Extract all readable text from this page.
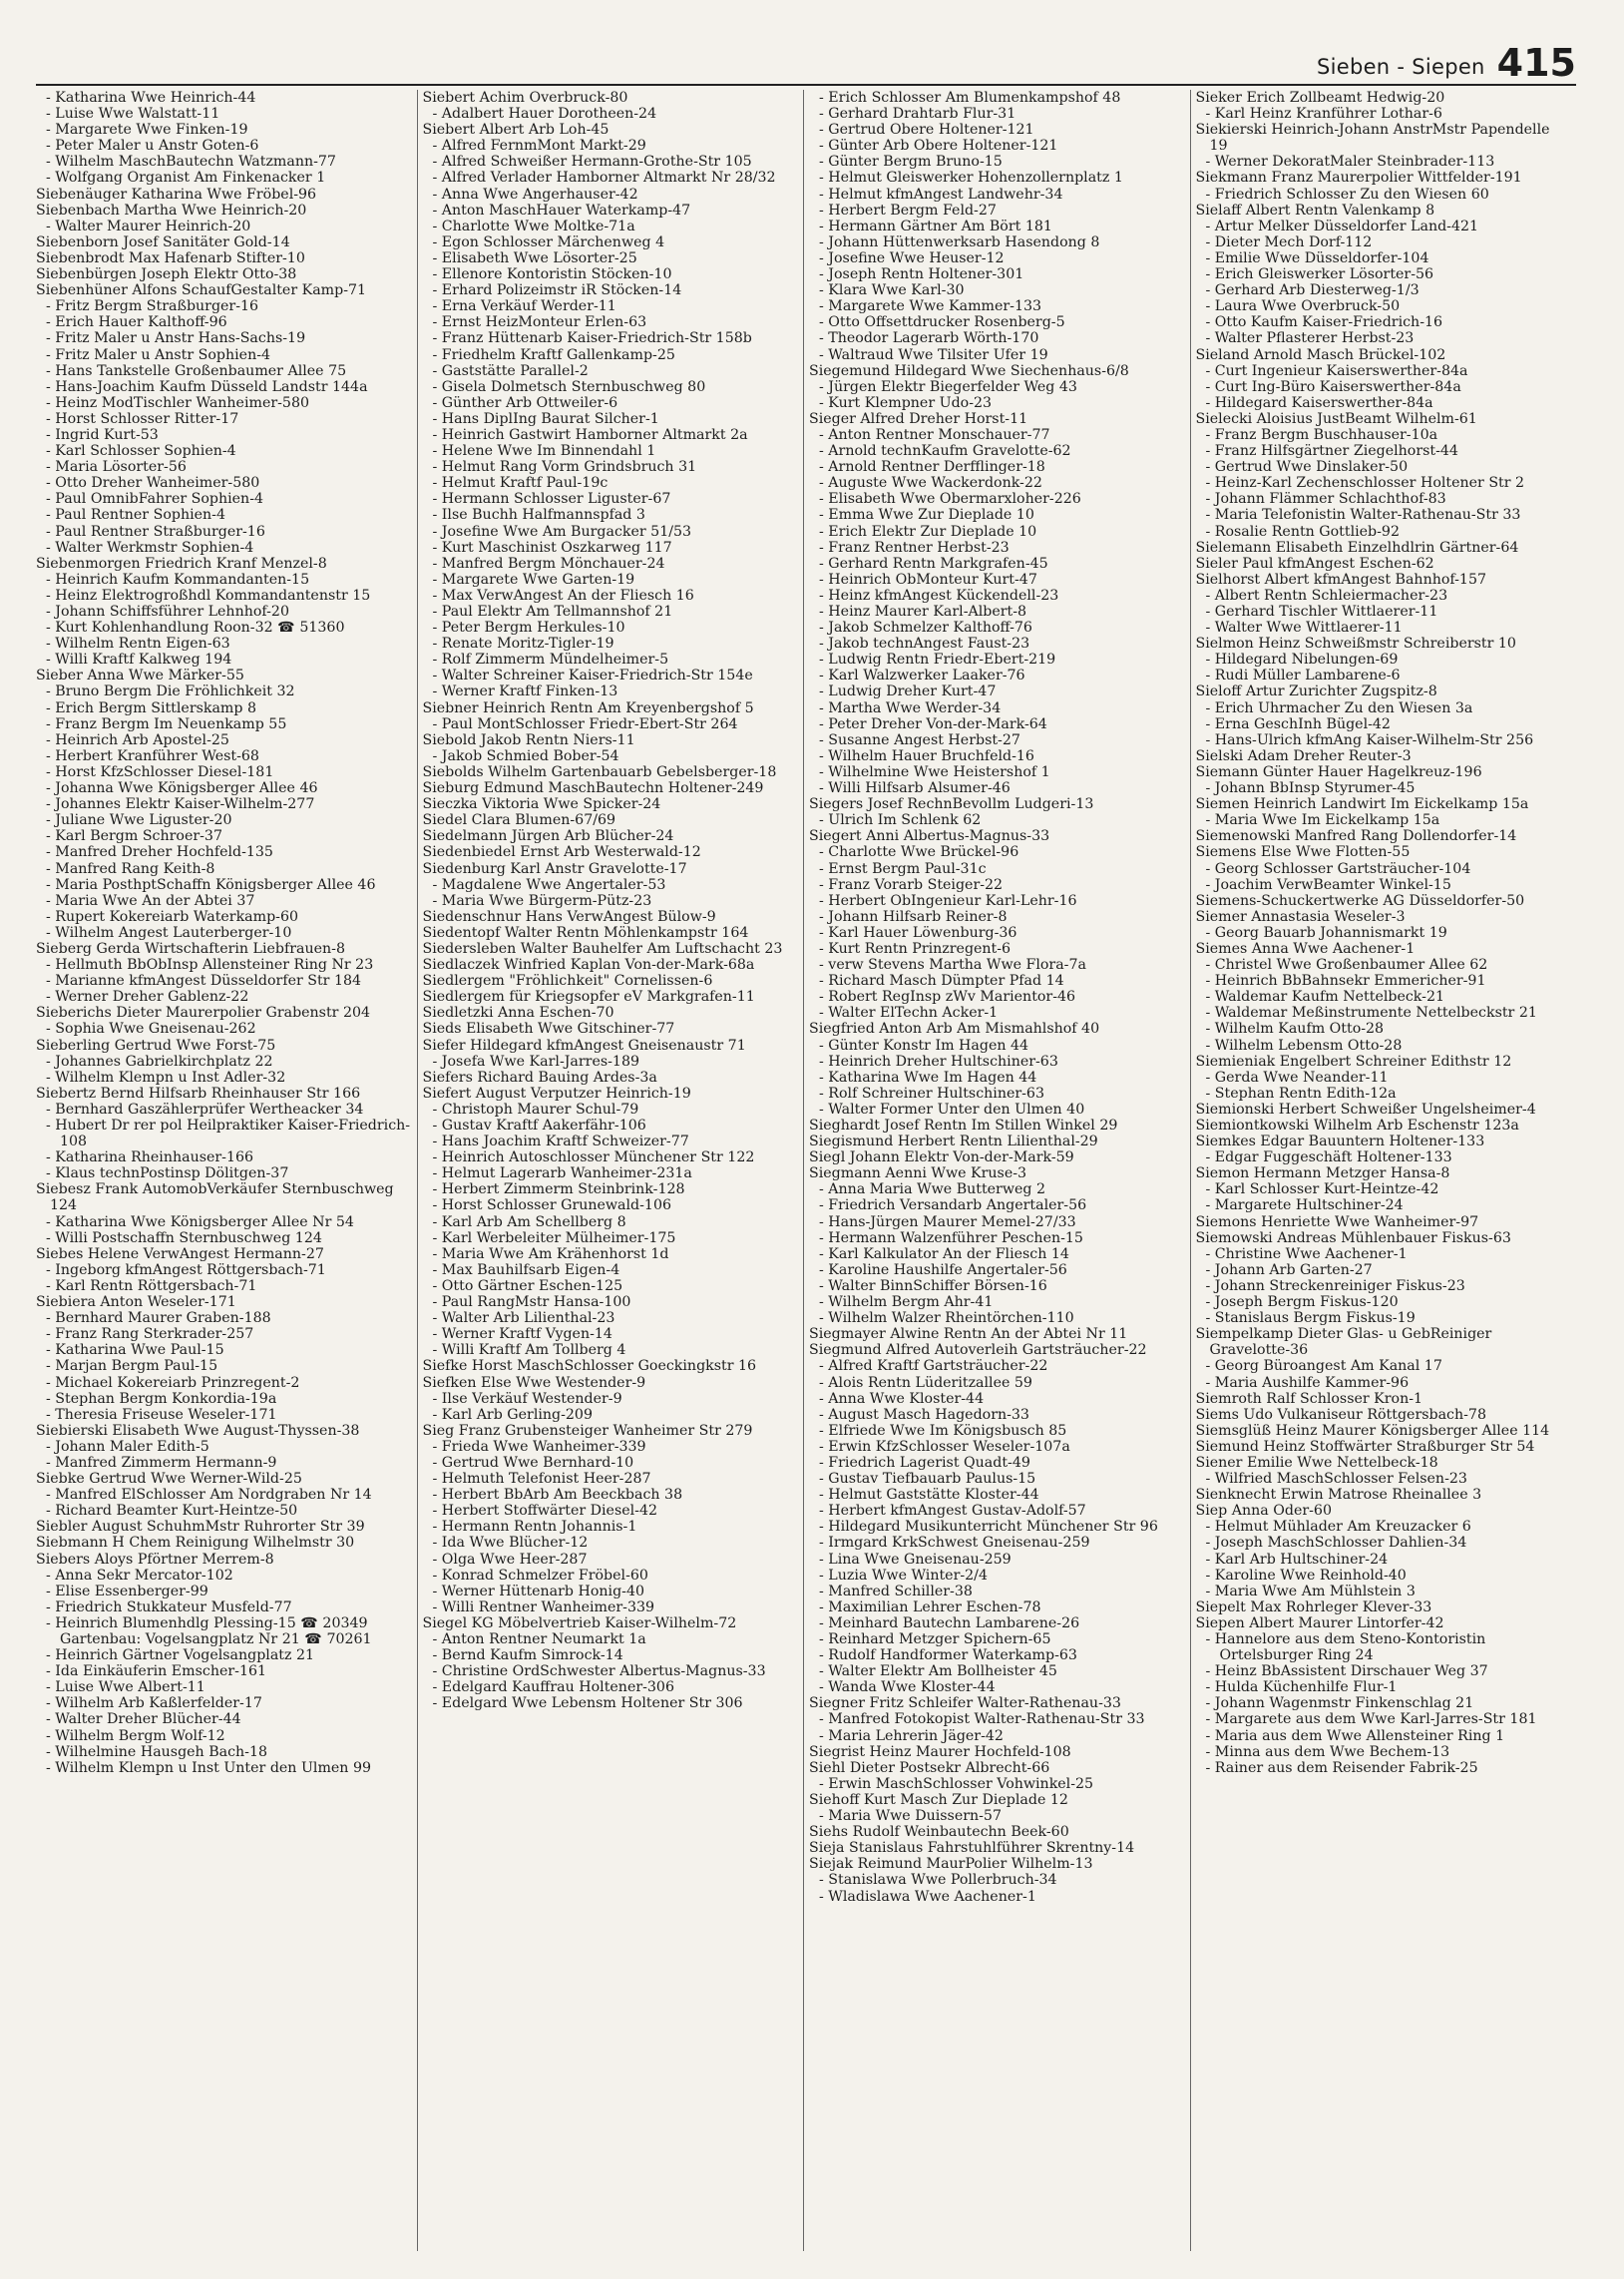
Sieben - Siepen 415

- Katharina Wwe Heinrich-44

- Luise Wwe Walstatt-11

- Margarete Wwe Finken-19

- Peter Maler u Anstr Goten-6

- Wilhelm MaschBautechn Watzmann-77

- Wolfgang Organist Am Finkenacker 1

Siebenäuger Katharina Wwe Fröbel-96

Siebenbach Martha Wwe Heinrich-20

- Walter Maurer Heinrich-20

Siebenborn Josef Sanitäter Gold-14

Siebenbrodt Max Hafenarb Stifter-10

Siebenbürgen Joseph Elektr Otto-38

Siebenhüner Alfons SchaufGestalter Kamp-71

- Fritz Bergm Straßburger-16

- Erich Hauer Kalthoff-96

- Fritz Maler u Anstr Hans-Sachs-19

- Fritz Maler u Anstr Sophien-4

- Hans Tankstelle Großenbaumer Allee 75

- Hans-Joachim Kaufm Düsseld Landstr 144a

- Heinz ModTischler Wanheimer-580

- Horst Schlosser Ritter-17

- Ingrid Kurt-53

- Karl Schlosser Sophien-4

- Maria Lösorter-56

- Otto Dreher Wanheimer-580

- Paul OmnibFahrer Sophien-4

- Paul Rentner Sophien-4

- Paul Rentner Straßburger-16

- Walter Werkmstr Sophien-4

Siebenmorgen Friedrich Kranf Menzel-8

- Heinrich Kaufm Kommandanten-15

- Heinz Elektrogroßhdl Kommandantenstr 15

- Johann Schiffsführer Lehnhof-20

- Kurt Kohlenhandlung Roon-32 ☎ 51360

- Wilhelm Rentn Eigen-63

- Willi Kraftf Kalkweg 194

Sieber Anna Wwe Märker-55

- Bruno Bergm Die Fröhlichkeit 32

- Erich Bergm Sittlerskamp 8

- Franz Bergm Im Neuenkamp 55

- Heinrich Arb Apostel-25

- Herbert Kranführer West-68

- Horst KfzSchlosser Diesel-181

- Johanna Wwe Königsberger Allee 46

- Johannes Elektr Kaiser-Wilhelm-277

- Juliane Wwe Liguster-20

- Karl Bergm Schroer-37

- Manfred Dreher Hochfeld-135

- Manfred Rang Keith-8

- Maria PosthptSchaffn Königsberger Allee 46

- Maria Wwe An der Abtei 37

- Rupert Kokereiarb Waterkamp-60

- Wilhelm Angest Lauterberger-10

Sieberg Gerda Wirtschafterin Liebfrauen-8

- Hellmuth BbObInsp Allensteiner Ring Nr 23

- Marianne kfmAngest Düsseldorfer Str 184

- Werner Dreher Gablenz-22

Sieberichs Dieter Maurerpolier Grabenstr 204

- Sophia Wwe Gneisenau-262

Sieberling Gertrud Wwe Forst-75

- Johannes Gabrielkirchplatz 22

- Wilhelm Klempn u Inst Adler-32

Siebertz Bernd Hilfsarb Rheinhauser Str 166

- Bernhard Gaszählerprüfer Wertheacker 34

- Hubert Dr rer pol Heilpraktiker Kaiser-Friedrich-108

- Katharina Rheinhauser-166

- Klaus technPostinsp Dölitgen-37

Siebesz Frank AutomobVerkäufer Sternbuschweg 124

- Katharina Wwe Königsberger Allee Nr 54

- Willi Postschaffn Sternbuschweg 124

Siebes Helene VerwAngest Hermann-27

- Ingeborg kfmAngest Röttgersbach-71

- Karl Rentn Röttgersbach-71

Siebiera Anton Weseler-171

- Bernhard Maurer Graben-188

- Franz Rang Sterkrader-257

- Katharina Wwe Paul-15

- Marjan Bergm Paul-15

- Michael Kokereiarb Prinzregent-2

- Stephan Bergm Konkordia-19a

- Theresia Friseuse Weseler-171

Siebierski Elisabeth Wwe August-Thyssen-38

- Johann Maler Edith-5

- Manfred Zimmerm Hermann-9

Siebke Gertrud Wwe Werner-Wild-25

- Manfred ElSchlosser Am Nordgraben Nr 14

- Richard Beamter Kurt-Heintze-50

Siebler August SchuhmMstr Ruhrorter Str 39

Siebmann H Chem Reinigung Wilhelmstr 30

Siebers Aloys Pförtner Merrem-8

- Anna Sekr Mercator-102

- Elise Essenberger-99

- Friedrich Stukkateur Musfeld-77

- Heinrich Blumenhdlg Plessing-15 ☎ 20349 Gartenbau: Vogelsangplatz Nr 21 ☎ 70261

- Heinrich Gärtner Vogelsangplatz 21

- Ida Einkäuferin Emscher-161

- Luise Wwe Albert-11

- Wilhelm Arb Kaßlerfelder-17

- Walter Dreher Blücher-44

- Wilhelm Bergm Wolf-12

- Wilhelmine Hausgeh Bach-18

- Wilhelm Klempn u Inst Unter den Ulmen 99

Siebert Achim Overbruck-80

- Adalbert Hauer Dorotheen-24

Siebert Albert Arb Loh-45

- Alfred FernmMont Markt-29

- Alfred Schweißer Hermann-Grothe-Str 105

- Alfred Verlader Hamborner Altmarkt Nr 28/32

- Anna Wwe Angerhauser-42

- Anton MaschHauer Waterkamp-47

- Charlotte Wwe Moltke-71a

- Egon Schlosser Märchenweg 4

- Elisabeth Wwe Lösorter-25

- Ellenore Kontoristin Stöcken-10

- Erhard Polizeimstr iR Stöcken-14

- Erna Verkäuf Werder-11

- Ernst HeizMonteur Erlen-63

- Franz Hüttenarb Kaiser-Friedrich-Str 158b

- Friedhelm Kraftf Gallenkamp-25

- Gaststätte Parallel-2

- Gisela Dolmetsch Sternbuschweg 80

- Günther Arb Ottweiler-6

- Hans DiplIng Baurat Silcher-1

- Heinrich Gastwirt Hamborner Altmarkt 2a

- Helene Wwe Im Binnendahl 1

- Helmut Rang Vorm Grindsbruch 31

- Helmut Kraftf Paul-19c

- Hermann Schlosser Liguster-67

- Ilse Buchh Halfmannspfad 3

- Josefine Wwe Am Burgacker 51/53

- Kurt Maschinist Oszkarweg 117

- Manfred Bergm Mönchauer-24

- Margarete Wwe Garten-19

- Max VerwAngest An der Fliesch 16

- Paul Elektr Am Tellmannshof 21

- Peter Bergm Herkules-10

- Renate Moritz-Tigler-19

- Rolf Zimmerm Mündelheimer-5

- Walter Schreiner Kaiser-Friedrich-Str 154e

- Werner Kraftf Finken-13

Siebner Heinrich Rentn Am Kreyenbergshof 5

- Paul MontSchlosser Friedr-Ebert-Str 264

Siebold Jakob Rentn Niers-11

- Jakob Schmied Bober-54

Siebolds Wilhelm Gartenbauarb Gebelsberger-18

Sieburg Edmund MaschBautechn Holtener-249

Sieczka Viktoria Wwe Spicker-24

Siedel Clara Blumen-67/69

Siedelmann Jürgen Arb Blücher-24

Siedenbiedel Ernst Arb Westerwald-12

Siedenburg Karl Anstr Gravelotte-17

- Magdalene Wwe Angertaler-53

- Maria Wwe Bürgerm-Pütz-23

Siedenschnur Hans VerwAngest Bülow-9

Siedentopf Walter Rentn Möhlenkampstr 164

Siedersleben Walter Bauhelfer Am Luftschacht 23

Siedlaczek Winfried Kaplan Von-der-Mark-68a

Siedlergem "Fröhlichkeit" Cornelissen-6

Siedlergem für Kriegsopfer eV Markgrafen-11

Siedletzki Anna Eschen-70

Sieds Elisabeth Wwe Gitschiner-77

Siefer Hildegard kfmAngest Gneisenaustr 71

- Josefa Wwe Karl-Jarres-189

Siefers Richard Bauing Ardes-3a

Siefert August Verputzer Heinrich-19

- Christoph Maurer Schul-79

- Gustav Kraftf Aakerfähr-106

- Hans Joachim Kraftf Schweizer-77

- Heinrich Autoschlosser Münchener Str 122

- Helmut Lagerarb Wanheimer-231a

- Herbert Zimmerm Steinbrink-128

- Horst Schlosser Grunewald-106

- Karl Arb Am Schellberg 8

- Karl Werbeleiter Mülheimer-175

- Maria Wwe Am Krähenhorst 1d

- Max Bauhilfsarb Eigen-4

- Otto Gärtner Eschen-125

- Paul RangMstr Hansa-100

- Walter Arb Lilienthal-23

- Werner Kraftf Vygen-14

- Willi Kraftf Am Tollberg 4

Siefke Horst MaschSchlosser Goeckingkstr 16

Siefken Else Wwe Westender-9

- Ilse Verkäuf Westender-9

- Karl Arb Gerling-209

Sieg Franz Grubensteiger Wanheimer Str 279

- Frieda Wwe Wanheimer-339

- Gertrud Wwe Bernhard-10

- Helmuth Telefonist Heer-287

- Herbert BbArb Am Beeckbach 38

- Herbert Stoffwärter Diesel-42

- Hermann Rentn Johannis-1

- Ida Wwe Blücher-12

- Olga Wwe Heer-287

- Konrad Schmelzer Fröbel-60

- Werner Hüttenarb Honig-40

- Willi Rentner Wanheimer-339

Siegel KG Möbelvertrieb Kaiser-Wilhelm-72

- Anton Rentner Neumarkt 1a

- Bernd Kaufm Simrock-14

- Christine OrdSchwester Albertus-Magnus-33

- Edelgard Kauffrau Holtener-306

- Edelgard Wwe Lebensm Holtener Str 306

- Erich Schlosser Am Blumenkampshof 48

- Gerhard Drahtarb Flur-31

- Gertrud Obere Holtener-121

- Günter Arb Obere Holtener-121

- Günter Bergm Bruno-15

- Helmut Gleiswerker Hohenzollernplatz 1

- Helmut kfmAngest Landwehr-34

- Herbert Bergm Feld-27

- Hermann Gärtner Am Bört 181

- Johann Hüttenwerksarb Hasendong 8

- Josefine Wwe Heuser-12

- Joseph Rentn Holtener-301

- Klara Wwe Karl-30

- Margarete Wwe Kammer-133

- Otto Offsettdrucker Rosenberg-5

- Theodor Lagerarb Wörth-170

- Waltraud Wwe Tilsiter Ufer 19

Siegemund Hildegard Wwe Siechenhaus-6/8

- Jürgen Elektr Biegerfelder Weg 43

- Kurt Klempner Udo-23

Sieger Alfred Dreher Horst-11

- Anton Rentner Monschauer-77

- Arnold technKaufm Gravelotte-62

- Arnold Rentner Derfflinger-18

- Auguste Wwe Wackerdonk-22

- Elisabeth Wwe Obermarxloher-226

- Emma Wwe Zur Dieplade 10

- Erich Elektr Zur Dieplade 10

- Franz Rentner Herbst-23

- Gerhard Rentn Markgrafen-45

- Heinrich ObMonteur Kurt-47

- Heinz kfmAngest Kückendell-23

- Heinz Maurer Karl-Albert-8

- Jakob Schmelzer Kalthoff-76

- Jakob technAngest Faust-23

- Ludwig Rentn Friedr-Ebert-219

- Karl Walzwerker Laaker-76

- Ludwig Dreher Kurt-47

- Martha Wwe Werder-34

- Peter Dreher Von-der-Mark-64

- Susanne Angest Herbst-27

- Wilhelm Hauer Bruchfeld-16

- Wilhelmine Wwe Heistershof 1

- Willi Hilfsarb Alsumer-46

Siegers Josef RechnBevollm Ludgeri-13

- Ulrich Im Schlenk 62

Siegert Anni Albertus-Magnus-33

- Charlotte Wwe Brückel-96

- Ernst Bergm Paul-31c

- Franz Vorarb Steiger-22

- Herbert ObIngenieur Karl-Lehr-16

- Johann Hilfsarb Reiner-8

- Karl Hauer Löwenburg-36

- Kurt Rentn Prinzregent-6

- verw Stevens Martha Wwe Flora-7a

- Richard Masch Dümpter Pfad 14

- Robert RegInsp zWv Marientor-46

- Walter ElTechn Acker-1

Siegfried Anton Arb Am Mismahlshof 40

- Günter Konstr Im Hagen 44

- Heinrich Dreher Hultschiner-63

- Katharina Wwe Im Hagen 44

- Rolf Schreiner Hultschiner-63

- Walter Former Unter den Ulmen 40

Sieghardt Josef Rentn Im Stillen Winkel 29

Siegismund Herbert Rentn Lilienthal-29

Siegl Johann Elektr Von-der-Mark-59

Siegmann Aenni Wwe Kruse-3

- Anna Maria Wwe Butterweg 2

- Friedrich Versandarb Angertaler-56

- Hans-Jürgen Maurer Memel-27/33

- Hermann Walzenführer Peschen-15

- Karl Kalkulator An der Fliesch 14

- Karoline Haushilfe Angertaler-56

- Walter BinnSchiffer Börsen-16

- Wilhelm Bergm Ahr-41

- Wilhelm Walzer Rheintörchen-110

Siegmayer Alwine Rentn An der Abtei Nr 11

Siegmund Alfred Autoverleih Gartsträucher-22

- Alfred Kraftf Gartsträucher-22

- Alois Rentn Lüderitzallee 59

- Anna Wwe Kloster-44

- August Masch Hagedorn-33

- Elfriede Wwe Im Königsbusch 85

- Erwin KfzSchlosser Weseler-107a

- Friedrich Lagerist Quadt-49

- Gustav Tiefbauarb Paulus-15

- Helmut Gaststätte Kloster-44

- Herbert kfmAngest Gustav-Adolf-57

- Hildegard Musikunterricht Münchener Str 96

- Irmgard KrkSchwest Gneisenau-259

- Lina Wwe Gneisenau-259

- Luzia Wwe Winter-2/4

- Manfred Schiller-38

- Maximilian Lehrer Eschen-78

- Meinhard Bautechn Lambarene-26

- Reinhard Metzger Spichern-65

- Rudolf Handformer Waterkamp-63

- Walter Elektr Am Bollheister 45

- Wanda Wwe Kloster-44

Siegner Fritz Schleifer Walter-Rathenau-33

- Manfred Fotokopist Walter-Rathenau-Str 33

- Maria Lehrerin Jäger-42

Siegrist Heinz Maurer Hochfeld-108

Siehl Dieter Postsekr Albrecht-66

- Erwin MaschSchlosser Vohwinkel-25

Siehoff Kurt Masch Zur Dieplade 12

- Maria Wwe Duissern-57

Siehs Rudolf Weinbautechn Beek-60

Sieja Stanislaus Fahrstuhlführer Skrentny-14

Siejak Reimund MaurPolier Wilhelm-13

- Stanislawa Wwe Pollerbruch-34

- Wladislawa Wwe Aachener-1

Sieker Erich Zollbeamt Hedwig-20

- Karl Heinz Kranführer Lothar-6

Siekierski Heinrich-Johann AnstrMstr Papendelle 19

- Werner DekoratMaler Steinbrader-113

Siekmann Franz Maurerpolier Wittfelder-191

- Friedrich Schlosser Zu den Wiesen 60

Sielaff Albert Rentn Valenkamp 8

- Artur Melker Düsseldorfer Land-421

- Dieter Mech Dorf-112

- Emilie Wwe Düsseldorfer-104

- Erich Gleiswerker Lösorter-56

- Gerhard Arb Diesterweg-1/3

- Laura Wwe Overbruck-50

- Otto Kaufm Kaiser-Friedrich-16

- Walter Pflasterer Herbst-23

Sieland Arnold Masch Brückel-102

- Curt Ingenieur Kaiserswerther-84a

- Curt Ing-Büro Kaiserswerther-84a

- Hildegard Kaiserswerther-84a

Sielecki Aloisius JustBeamt Wilhelm-61

- Franz Bergm Buschhauser-10a

- Franz Hilfsgärtner Ziegelhorst-44

- Gertrud Wwe Dinslaker-50

- Heinz-Karl Zechenschlosser Holtener Str 2

- Johann Flämmer Schlachthof-83

- Maria Telefonistin Walter-Rathenau-Str 33

- Rosalie Rentn Gottlieb-92

Sielemann Elisabeth Einzelhdlrin Gärtner-64

Sieler Paul kfmAngest Eschen-62

Sielhorst Albert kfmAngest Bahnhof-157

- Albert Rentn Schleiermacher-23

- Gerhard Tischler Wittlaerer-11

- Walter Wwe Wittlaerer-11

Sielmon Heinz Schweißmstr Schreiberstr 10

- Hildegard Nibelungen-69

- Rudi Müller Lambarene-6

Sieloff Artur Zurichter Zugspitz-8

- Erich Uhrmacher Zu den Wiesen 3a

- Erna GeschInh Bügel-42

- Hans-Ulrich kfmAng Kaiser-Wilhelm-Str 256

Sielski Adam Dreher Reuter-3

Siemann Günter Hauer Hagelkreuz-196

- Johann BbInsp Styrumer-45

Siemen Heinrich Landwirt Im Eickelkamp 15a

- Maria Wwe Im Eickelkamp 15a

Siemenowski Manfred Rang Dollendorfer-14

Siemens Else Wwe Flotten-55

- Georg Schlosser Gartsträucher-104

- Joachim VerwBeamter Winkel-15

Siemens-Schuckertwerke AG Düsseldorfer-50

Siemer Annastasia Weseler-3

- Georg Bauarb Johannismarkt 19

Siemes Anna Wwe Aachener-1

- Christel Wwe Großenbaumer Allee 62

- Heinrich BbBahnsekr Emmericher-91

- Waldemar Kaufm Nettelbeck-21

- Waldemar Meßinstrumente Nettelbeckstr 21

- Wilhelm Kaufm Otto-28

- Wilhelm Lebensm Otto-28

Siemieniak Engelbert Schreiner Edithstr 12

- Gerda Wwe Neander-11

- Stephan Rentn Edith-12a

Siemionski Herbert Schweißer Ungelsheimer-4

Siemiontkowski Wilhelm Arb Eschenstr 123a

Siemkes Edgar Bauuntern Holtener-133

- Edgar Fuggeschäft Holtener-133

Siemon Hermann Metzger Hansa-8

- Karl Schlosser Kurt-Heintze-42

- Margarete Hultschiner-24

Siemons Henriette Wwe Wanheimer-97

Siemowski Andreas Mühlenbauer Fiskus-63

- Christine Wwe Aachener-1

- Johann Arb Garten-27

- Johann Streckenreiniger Fiskus-23

- Joseph Bergm Fiskus-120

- Stanislaus Bergm Fiskus-19

Siempelkamp Dieter Glas- u GebReiniger Gravelotte-36

- Georg Büroangest Am Kanal 17

- Maria Aushilfe Kammer-96

Siemroth Ralf Schlosser Kron-1

Siems Udo Vulkaniseur Röttgersbach-78

Siemsglüß Heinz Maurer Königsberger Allee 114

Siemund Heinz Stoffwärter Straßburger Str 54

Siener Emilie Wwe Nettelbeck-18

- Wilfried MaschSchlosser Felsen-23

Sienknecht Erwin Matrose Rheinallee 3

Siep Anna Oder-60

- Helmut Mühlader Am Kreuzacker 6

- Joseph MaschSchlosser Dahlien-34

- Karl Arb Hultschiner-24

- Karoline Wwe Reinhold-40

- Maria Wwe Am Mühlstein 3

Siepelt Max Rohrleger Klever-33

Siepen Albert Maurer Lintorfer-42

- Hannelore aus dem Steno-Kontoristin Ortelsburger Ring 24

- Heinz BbAssistent Dirschauer Weg 37

- Hulda Küchenhilfe Flur-1

- Johann Wagenmstr Finkenschlag 21

- Margarete aus dem Wwe Karl-Jarres-Str 181

- Maria aus dem Wwe Allensteiner Ring 1

- Minna aus dem Wwe Bechem-13

- Rainer aus dem Reisender Fabrik-25
